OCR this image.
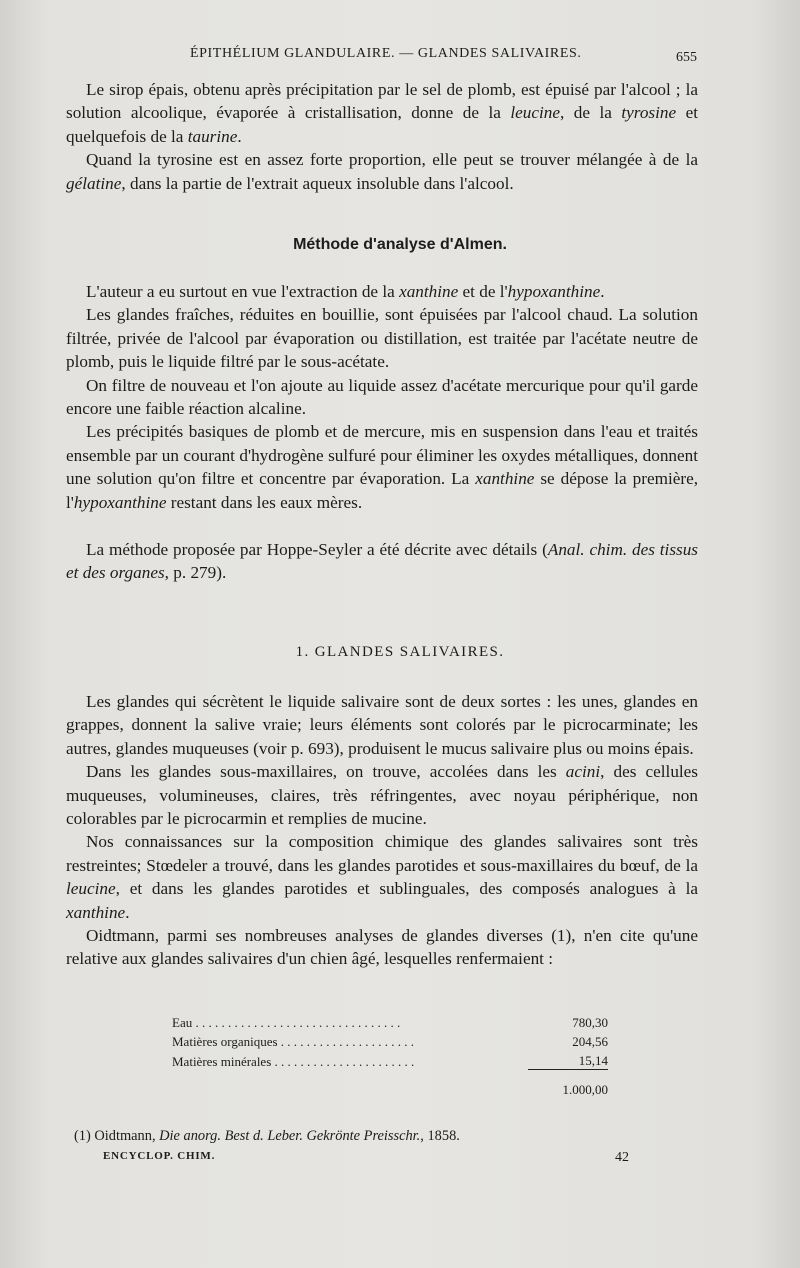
ÉPITHÉLIUM GLANDULAIRE. — GLANDES SALIVAIRES.	655

Le sirop épais, obtenu après précipitation par le sel de plomb, est épuisé par l'alcool ; la solution alcoolique, évaporée à cristallisation, donne de la leucine, de la tyrosine et quelquefois de la taurine.

Quand la tyrosine est en assez forte proportion, elle peut se trouver mélangée à de la gélatine, dans la partie de l'extrait aqueux insoluble dans l'alcool.

Méthode d'analyse d'Almen.

L'auteur a eu surtout en vue l'extraction de la xanthine et de l'hypoxanthine.

Les glandes fraîches, réduites en bouillie, sont épuisées par l'alcool chaud. La solution filtrée, privée de l'alcool par évaporation ou distillation, est traitée par l'acétate neutre de plomb, puis le liquide filtré par le sous-acétate.

On filtre de nouveau et l'on ajoute au liquide assez d'acétate mercurique pour qu'il garde encore une faible réaction alcaline.

Les précipités basiques de plomb et de mercure, mis en suspension dans l'eau et traités ensemble par un courant d'hydrogène sulfuré pour éliminer les oxydes métalliques, donnent une solution qu'on filtre et concentre par évaporation. La xanthine se dépose la première, l'hypoxanthine restant dans les eaux mères.

La méthode proposée par Hoppe-Seyler a été décrite avec détails (Anal. chim. des tissus et des organes, p. 279).

1. GLANDES SALIVAIRES.

Les glandes qui sécrètent le liquide salivaire sont de deux sortes : les unes, glandes en grappes, donnent la salive vraie; leurs éléments sont colorés par le picrocarminate; les autres, glandes muqueuses (voir p. 693), produisent le mucus salivaire plus ou moins épais.

Dans les glandes sous-maxillaires, on trouve, accolées dans les acini, des cellules muqueuses, volumineuses, claires, très réfringentes, avec noyau périphérique, non colorables par le picrocarmin et remplies de mucine.

Nos connaissances sur la composition chimique des glandes salivaires sont très restreintes; Stœdeler a trouvé, dans les glandes parotides et sous-maxillaires du bœuf, de la leucine, et dans les glandes parotides et sublinguales, des composés analogues à la xanthine.

Oidtmann, parmi ses nombreuses analyses de glandes diverses (1), n'en cite qu'une relative aux glandes salivaires d'un chien âgé, lesquelles renfermaient :

Eau . . . . . . . . . . . . . . . . . . . . . . . . . . . . . . . .	780,30
Matières organiques . . . . . . . . . . . . . . . . . . . . .	204,56
Matières minérales . . . . . . . . . . . . . . . . . . . . . .	15,14
	1.000,00
(1) Oidtmann, Die anorg. Best d. Leber. Gekrönte Preisschr., 1858.
ENCYCLOP. CHIM.	42
